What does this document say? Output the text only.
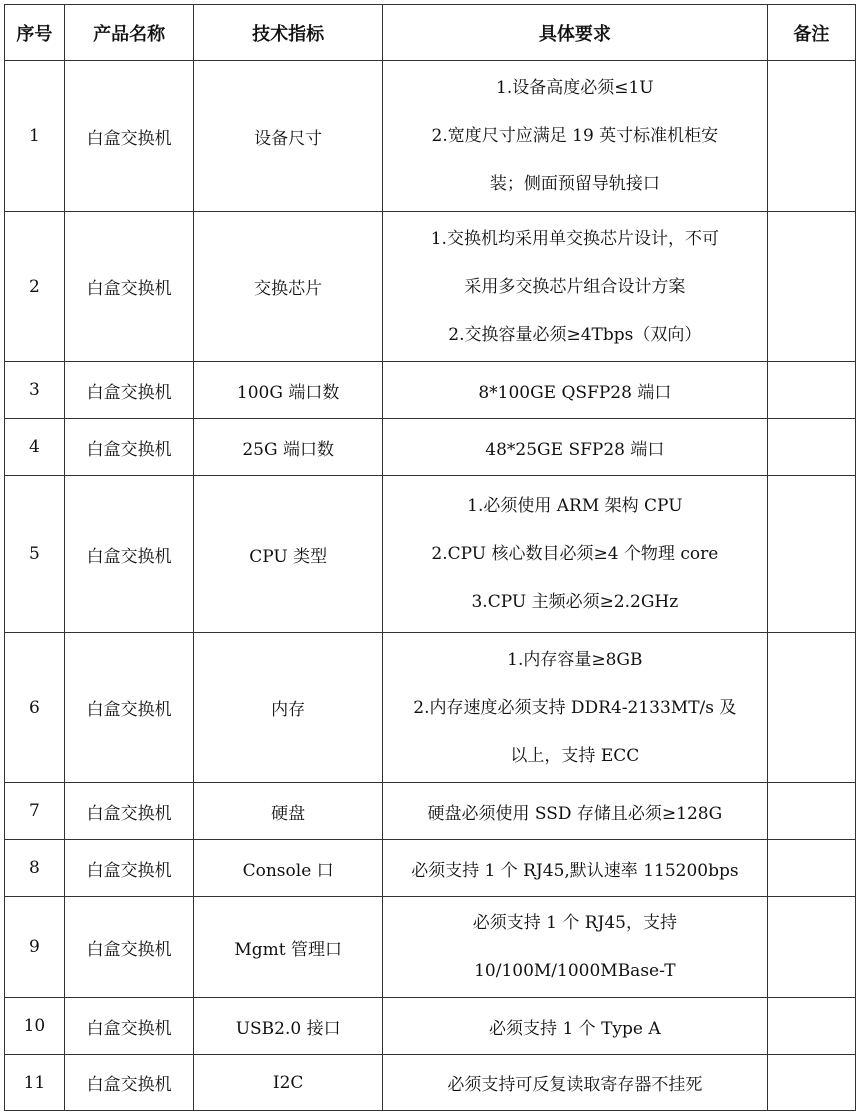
序号	产品名称	技术指标	具体要求	备注
1	白盒交换机	设备尺寸	1.设备高度必须≤1U
2.宽度尺寸应满足 19 英寸标准机柜安
装；侧面预留导轨接口	

2	白盒交换机	交换芯片	1.交换机均采用单交换芯片设计，不可
采用多交换芯片组合设计方案
2.交换容量必须≥4Tbps（双向）	

3	白盒交换机	100G 端口数	8*100GE QSFP28 端口	

4	白盒交换机	25G 端口数	48*25GE SFP28 端口	

5	白盒交换机	CPU 类型	1.必须使用 ARM 架构 CPU
2.CPU 核心数目必须≥4 个物理 core
3.CPU 主频必须≥2.2GHz	

6	白盒交换机	内存	1.内存容量≥8GB
2.内存速度必须支持 DDR4-2133MT/s 及
以上，支持 ECC	

7	白盒交换机	硬盘	硬盘必须使用 SSD 存储且必须≥128G	

8	白盒交换机	Console 口	必须支持 1 个 RJ45,默认速率 115200bps	

9	白盒交换机	Mgmt 管理口	必须支持 1 个 RJ45，支持
10/100M/1000MBase-T	

10	白盒交换机	USB2.0 接口	必须支持 1 个 Type A	

11	白盒交换机	I2C	必须支持可反复读取寄存器不挂死	
